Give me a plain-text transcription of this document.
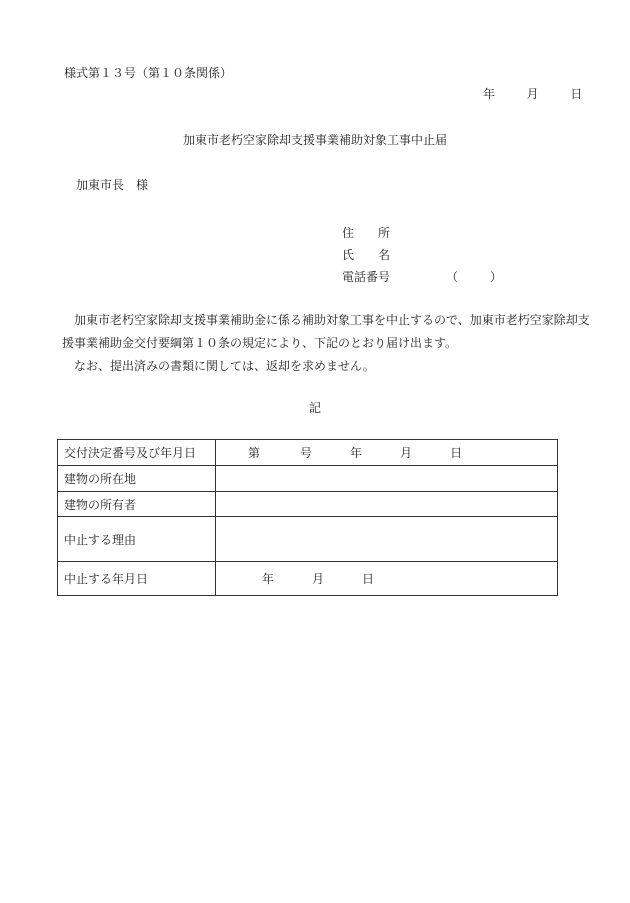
様式第１３号（第１０条関係）
年	月	日
加東市老朽空家除却支援事業補助対象工事中止届
加東市長　様
住　　所
氏　　名
電話番号	（	）

加東市老朽空家除却支援事業補助金に係る補助対象工事を中止するので、加東市老朽空家除却支援事業補助金交付要綱第１０条の規定により、下記のとおり届け出ます。

なお、提出済みの書類に関しては、返却を求めません。

記
交付決定番号及び年月日	第 号 年 月 日

建物の所在地	
建物の所有者	
中止する理由	
中止する年月日	年 月 日
